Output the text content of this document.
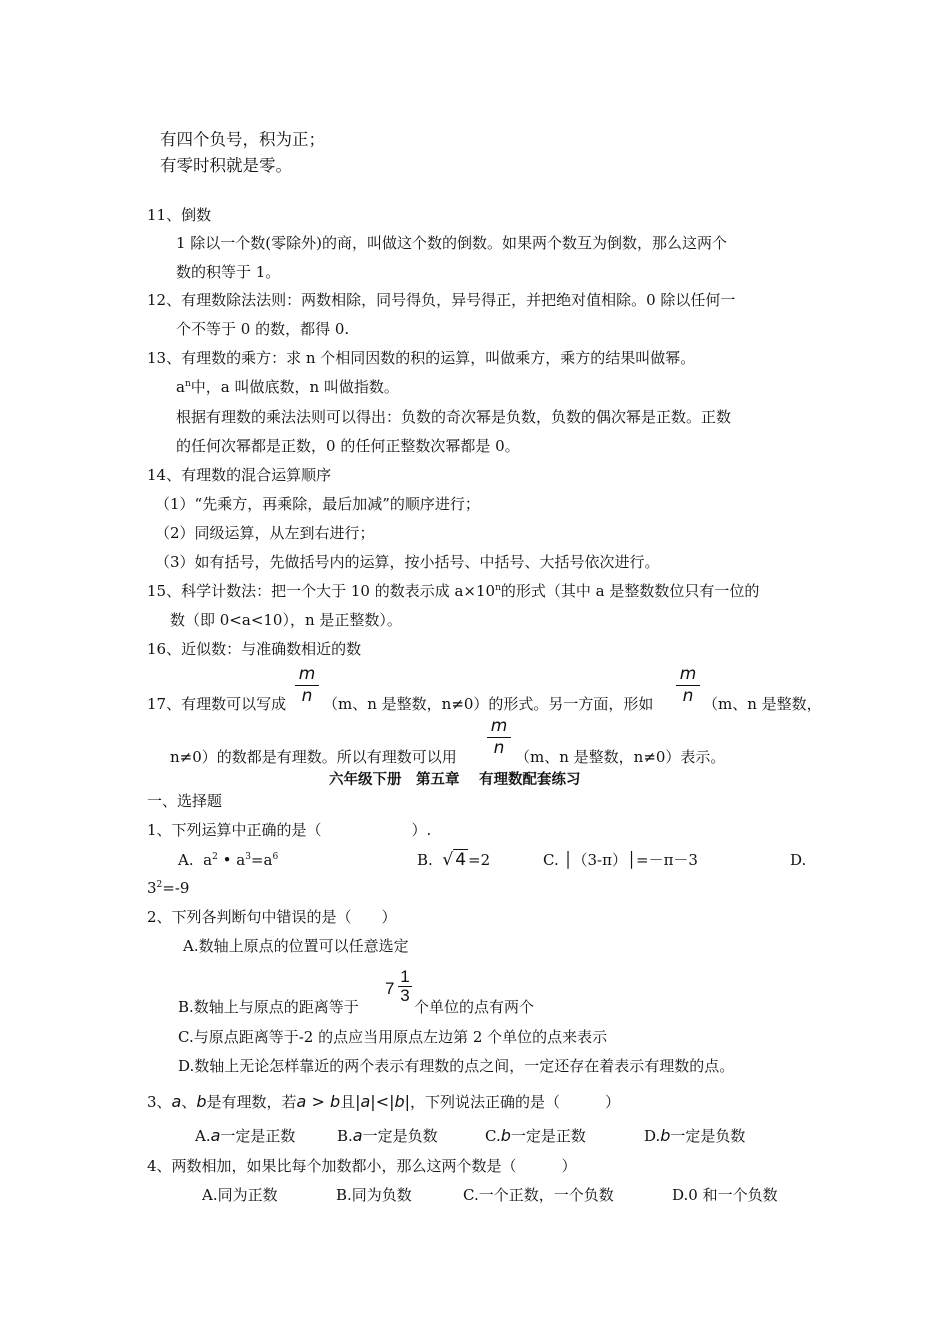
有四个负号，积为正；
有零时积就是零。
11、倒数
1 除以一个数(零除外)的商，叫做这个数的倒数。如果两个数互为倒数，那么这两个
数的积等于 1。
12、有理数除法法则：两数相除，同号得负，异号得正，并把绝对值相除。0 除以任何一
个不等于 0 的数，都得 0.
13、有理数的乘方：求 n 个相同因数的积的运算，叫做乘方，乘方的结果叫做幂。
$a^n$中，a 叫做底数，n 叫做指数。
根据有理数的乘法法则可以得出：负数的奇次幂是负数，负数的偶次幂是正数。正数
的任何次幂都是正数，0 的任何正整数次幂都是 0。
14、有理数的混合运算顺序
（1）“先乘方，再乘除，最后加减”的顺序进行；
（2）同级运算，从左到右进行；
（3）如有括号，先做括号内的运算，按小括号、中括号、大括号依次进行。
15、科学计数法：把一个大于 10 的数表示成 $a\times 10^n$的形式（其中 a 是整数数位只有一位的
数（即 0<a<10），n 是正整数）。
16、近似数：与准确数相近的数
17、有理数可以写成 $\frac{m}{n} (m$、n 是整数，n≠0）的形式。另一方面，形如 $\frac{m}{n} (m$、n 是整数，
n≠0）的数都是有理数。所以有理数可以用 $\frac{m}{n} (m$、n 是整数，n≠0）表示。
六年级下册　第五章　 有理数配套练习
一、选择题
1、下列运算中正确的是（　　　　　　）.
A. $a^2$ • $a^3=a^6$	B. √ 4 =2	C. │（3-π）│=－π－3	D.
$3^2=-9$
2、下列各判断句中错误的是（　　）
A.数轴上原点的位置可以任意选定
B.数轴上与原点的距离等于
7
1
3
个单位的点有两个
C.与原点距离等于-2 的点应当用原点左边第 2 个单位的点来表示
D.数轴上无论怎样靠近的两个表示有理数的点之间，一定还存在着表示有理数的点。
3、a、b是有理数，若a > b且|a|<|b|，下列说法正确的是（　　　）
A.a一定是正数	B.a一定是负数	C.b一定是正数	D.b一定是负数
4、两数相加，如果比每个加数都小，那么这两个数是（　　　）
A.同为正数	B.同为负数	C.一个正数，一个负数	D.0 和一个负数
